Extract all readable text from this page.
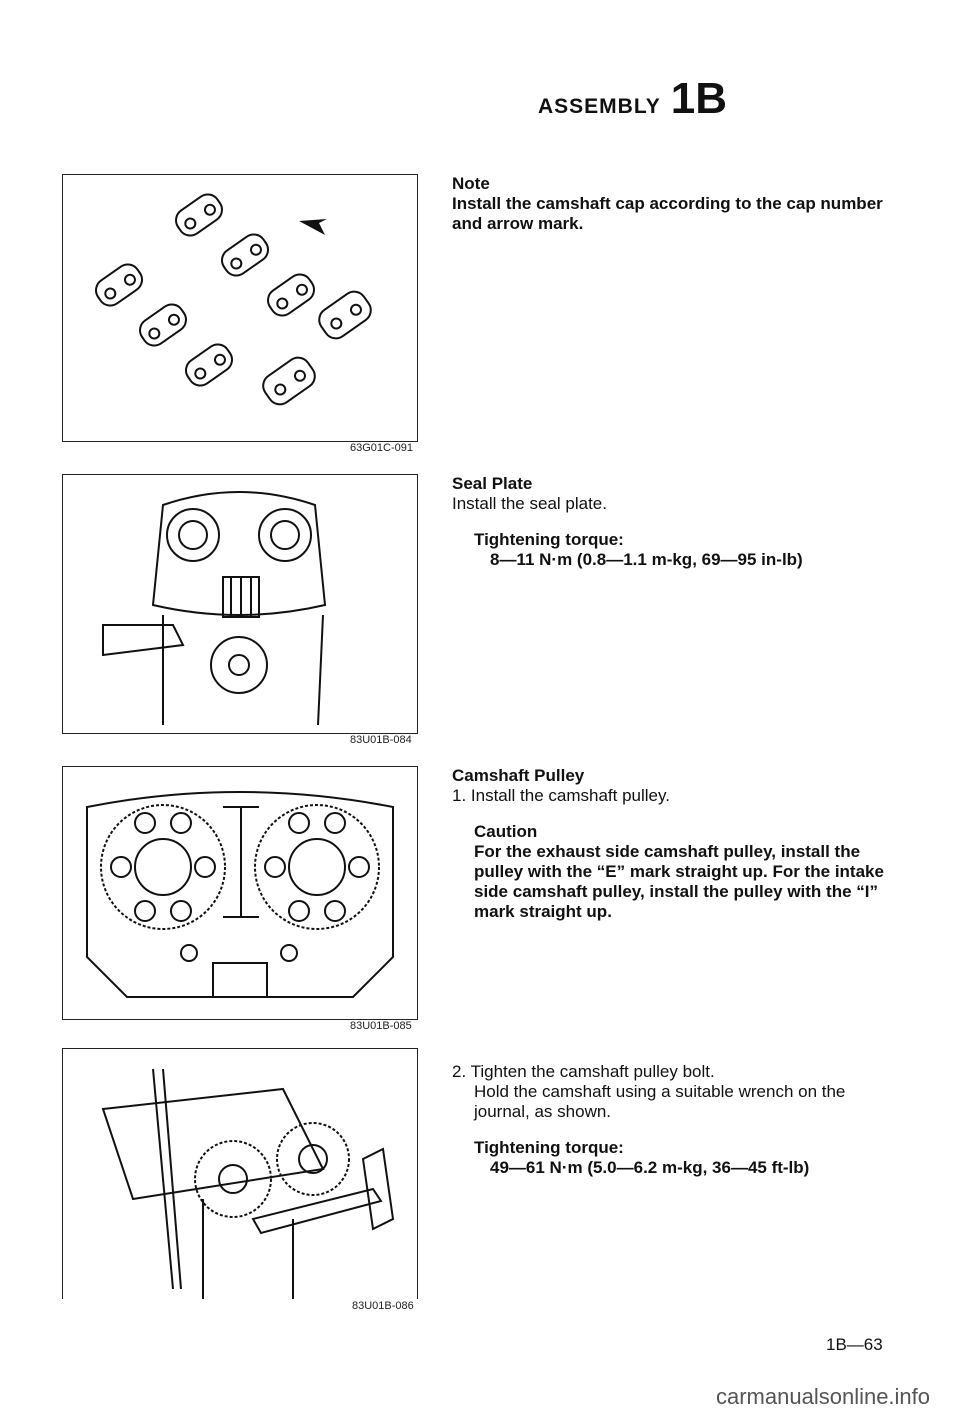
ASSEMBLY 1B
63G01C-091
83U01B-084
83U01B-085
83U01B-086
Note
Install the camshaft cap according to the cap number and arrow mark.
Seal Plate
Install the seal plate.
Tightening torque:
8—11 N·m (0.8—1.1 m-kg, 69—95 in-lb)
Camshaft Pulley
1. Install the camshaft pulley.
Caution
For the exhaust side camshaft pulley, install the pulley with the “E” mark straight up. For the intake side camshaft pulley, install the pulley with the “I” mark straight up.
2. Tighten the camshaft pulley bolt.
Hold the camshaft using a suitable wrench on the journal, as shown.
Tightening torque:
49—61 N·m (5.0—6.2 m-kg, 36—45 ft-lb)
1B—63
carmanualsonline.info
